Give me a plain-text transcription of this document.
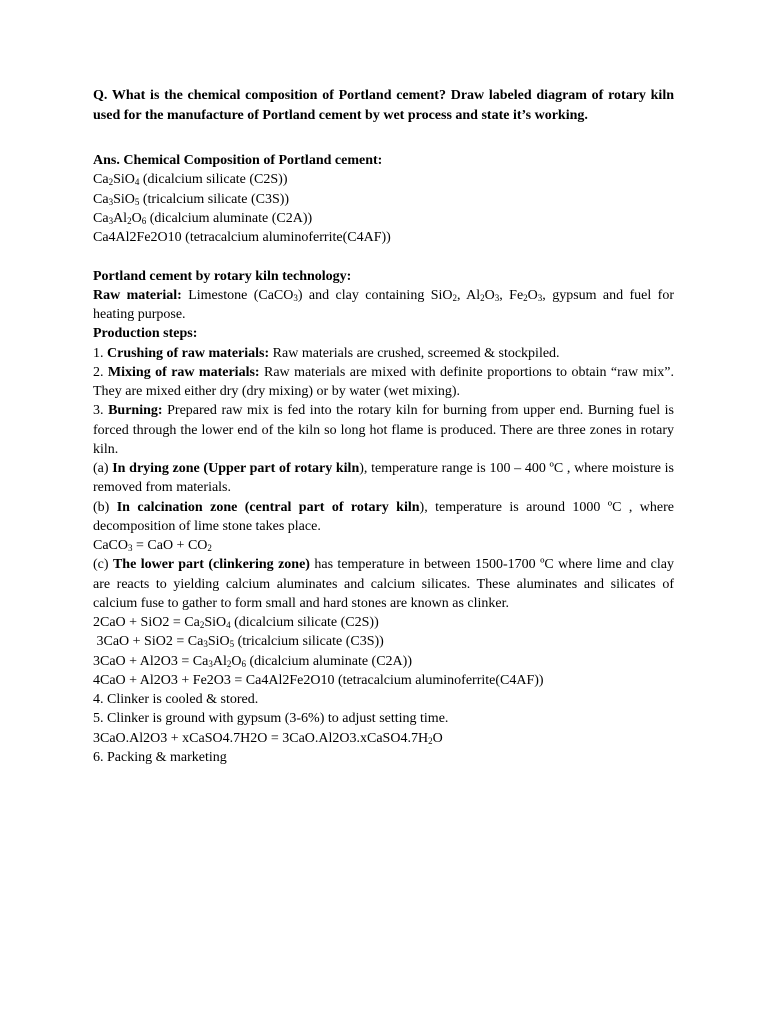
Q. What is the chemical composition of Portland cement? Draw labeled diagram of rotary kiln used for the manufacture of Portland cement by wet process and state it’s working.

Ans. Chemical Composition of Portland cement:

$Ca_2SiO_4$ (dicalcium silicate (C2S))

$Ca_3SiO_5$ (tricalcium silicate (C3S))

$Ca_3Al_2O_6$ (dicalcium aluminate (C2A))

Ca4Al2Fe2O10 (tetracalcium aluminoferrite(C4AF))

Portland cement by rotary kiln technology:

Raw material: Limestone (CaCO$_3$) and clay containing SiO$_2$, $Al_2O_3$, $Fe_2O_3$, gypsum and fuel for heating purpose.

Production steps:

1. Crushing of raw materials: Raw materials are crushed, screemed & stockpiled.

2. Mixing of raw materials: Raw materials are mixed with definite proportions to obtain “raw mix”. They are mixed either dry (dry mixing) or by water (wet mixing).

3. Burning: Prepared raw mix is fed into the rotary kiln for burning from upper end. Burning fuel is forced through the lower end of the kiln so long hot flame is produced. There are three zones in rotary kiln.

(a) In drying zone (Upper part of rotary kiln), temperature range is 100 – 400 ºC , where moisture is removed from materials.

(b) In calcination zone (central part of rotary kiln), temperature is around 1000 ºC , where decomposition of lime stone takes place.

CaCO$_3$ = CaO + $CO_2$

(c) The lower part (clinkering zone) has temperature in between 1500-1700 ºC where lime and clay are reacts to yielding calcium aluminates and calcium silicates. These aluminates and silicates of calcium fuse to gather to form small and hard stones are known as clinker.

$2CaO + SiO2 = Ca_2SiO_4$ (dicalcium silicate (C2S))

$3CaO + SiO2 = Ca_3SiO_5$ (tricalcium silicate (C3S))

$3CaO + Al2O3 = Ca_3Al_2O_6$ (dicalcium aluminate (C2A))

4CaO + Al2O3 + Fe2O3 = Ca4Al2Fe2O10 (tetracalcium aluminoferrite(C4AF))

4. Clinker is cooled & stored.

5. Clinker is ground with gypsum (3-6%) to adjust setting time.

3CaO.Al2O3 + xCaSO4.7H2O = $3CaO.Al2O3.xCaSO4.7H_2O$

6. Packing & marketing
